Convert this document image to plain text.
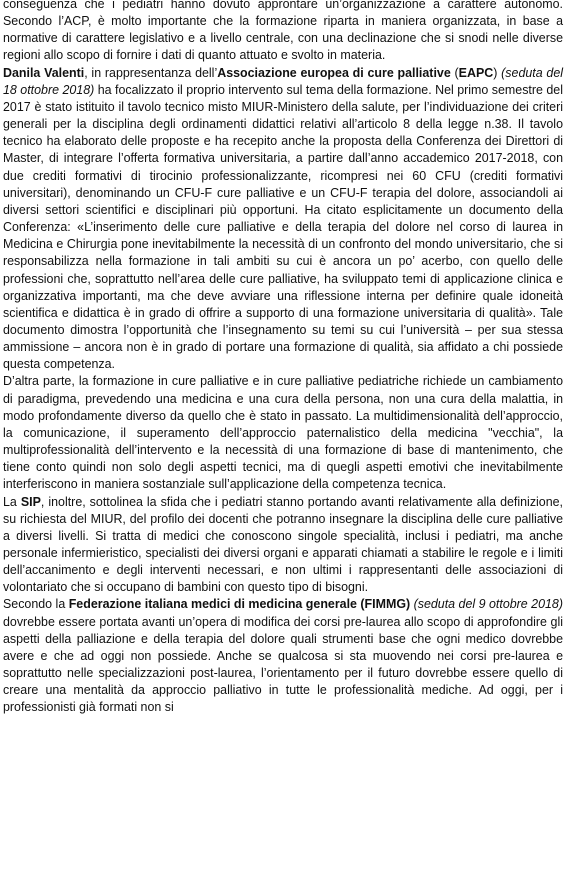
conseguenza che i pediatri hanno dovuto approntare un’organizzazione a carattere autonomo. Secondo l’ACP, è molto importante che la formazione riparta in maniera organizzata, in base a normative di carattere legislativo e a livello centrale, con una declinazione che si snodi nelle diverse regioni allo scopo di fornire i dati di quanto attuato e svolto in materia.

Danila Valenti, in rappresentanza dell’Associazione europea di cure palliative (EAPC) (seduta del 18 ottobre 2018) ha focalizzato il proprio intervento sul tema della formazione. Nel primo semestre del 2017 è stato istituito il tavolo tecnico misto MIUR-Ministero della salute, per l’individuazione dei criteri generali per la disciplina degli ordinamenti didattici relativi all’articolo 8 della legge n.38. Il tavolo tecnico ha elaborato delle proposte e ha recepito anche la proposta della Conferenza dei Direttori di Master, di integrare l’offerta formativa universitaria, a partire dall’anno accademico 2017-2018, con due crediti formativi di tirocinio professionalizzante, ricompresi nei 60 CFU (crediti formativi universitari), denominando un CFU-F cure palliative e un CFU-F terapia del dolore, associandoli ai diversi settori scientifici e disciplinari più opportuni. Ha citato esplicitamente un documento della Conferenza: «L’inserimento delle cure palliative e della terapia del dolore nel corso di laurea in Medicina e Chirurgia pone inevitabilmente la necessità di un confronto del mondo universitario, che si responsabilizza nella formazione in tali ambiti su cui è ancora un po’ acerbo, con quello delle professioni che, soprattutto nell’area delle cure palliative, ha sviluppato temi di applicazione clinica e organizzativa importanti, ma che deve avviare una riflessione interna per definire quale idoneità scientifica e didattica è in grado di offrire a supporto di una formazione universitaria di qualità». Tale documento dimostra l’opportunità che l’insegnamento su temi su cui l’università – per sua stessa ammissione – ancora non è in grado di portare una formazione di qualità, sia affidato a chi possiede questa competenza.

D’altra parte, la formazione in cure palliative e in cure palliative pediatriche richiede un cambiamento di paradigma, prevedendo una medicina e una cura della persona, non una cura della malattia, in modo profondamente diverso da quello che è stato in passato. La multidimensionalità dell’approccio, la comunicazione, il superamento dell’approccio paternalistico della medicina "vecchia", la multiprofessionalità dell’intervento e la necessità di una formazione di base di mantenimento, che tiene conto quindi non solo degli aspetti tecnici, ma di quegli aspetti emotivi che inevitabilmente interferiscono in maniera sostanziale sull’applicazione della competenza tecnica.

La SIP, inoltre, sottolinea la sfida che i pediatri stanno portando avanti relativamente alla definizione, su richiesta del MIUR, del profilo dei docenti che potranno insegnare la disciplina delle cure palliative a diversi livelli. Si tratta di medici che conoscono singole specialità, inclusi i pediatri, ma anche personale infermieristico, specialisti dei diversi organi e apparati chiamati a stabilire le regole e i limiti dell’accanimento e degli interventi necessari, e non ultimi i rappresentanti delle associazioni di volontariato che si occupano di bambini con questo tipo di bisogni.

Secondo la Federazione italiana medici di medicina generale (FIMMG) (seduta del 9 ottobre 2018) dovrebbe essere portata avanti un’opera di modifica dei corsi pre-laurea allo scopo di approfondire gli aspetti della palliazione e della terapia del dolore quali strumenti base che ogni medico dovrebbe avere e che ad oggi non possiede. Anche se qualcosa si sta muovendo nei corsi pre-laurea e soprattutto nelle specializzazioni post-laurea, l’orientamento per il futuro dovrebbe essere quello di creare una mentalità da approccio palliativo in tutte le professionalità mediche. Ad oggi, per i professionisti già formati non si
